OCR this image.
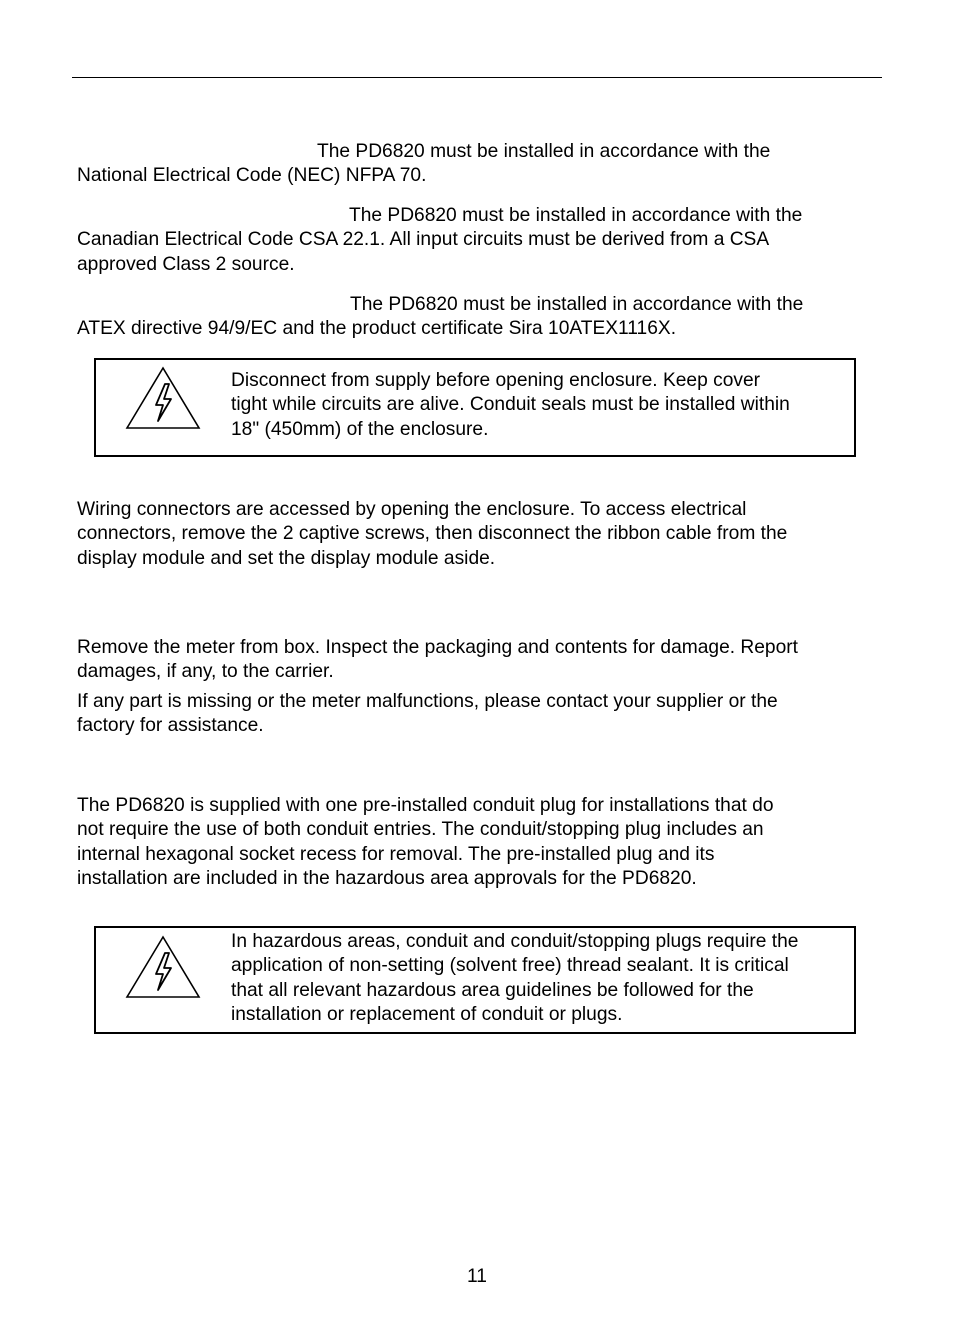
The PD6820 must be installed in accordance with the
National Electrical Code (NEC) NFPA 70.

The PD6820 must be installed in accordance with the
Canadian Electrical Code CSA 22.1. All input circuits must be derived from a CSA
approved Class 2 source.

The PD6820 must be installed in accordance with the
ATEX directive 94/9/EC and the product certificate Sira 10ATEX1116X.

Disconnect from supply before opening enclosure. Keep cover
tight while circuits are alive. Conduit seals must be installed within
18" (450mm) of the enclosure.

Wiring connectors are accessed by opening the enclosure. To access electrical
connectors, remove the 2 captive screws, then disconnect the ribbon cable from the
display module and set the display module aside.

Remove the meter from box. Inspect the packaging and contents for damage. Report
damages, if any, to the carrier.

If any part is missing or the meter malfunctions, please contact your supplier or the
factory for assistance.

The PD6820 is supplied with one pre-installed conduit plug for installations that do
not require the use of both conduit entries. The conduit/stopping plug includes an
internal hexagonal socket recess for removal. The pre-installed plug and its
installation are included in the hazardous area approvals for the PD6820.

In hazardous areas, conduit and conduit/stopping plugs require the
application of non-setting (solvent free) thread sealant. It is critical
that all relevant hazardous area guidelines be followed for the
installation or replacement of conduit or plugs.

11
